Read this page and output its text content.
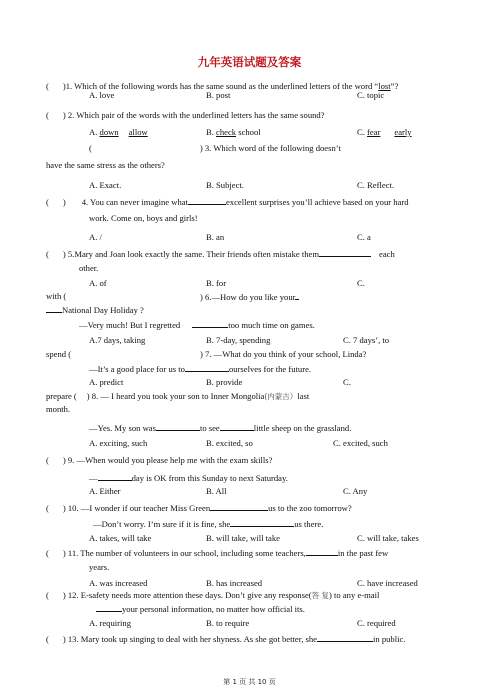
九年英语试题及答案
( )1. Which of the following words has the same sound as the underlined letters of the word “lost”?
A. love	B. post	C. topic
( ) 2. Which pair of the words with the underlined letters has the same sound?
A. down allow	B. check school	C. fear early
(	) 3. Which word of the following doesn’t
have the same stress as the others?
A. Exact.	B. Subject.	C. Reflect.
( ) 4. You can never imagine what	excellent surprises you’ll achieve based on your hard
work. Come on, boys and girls!
A. /	B. an	C. a
( ) 5.Mary and Joan look exactly the same. Their friends often mistake them	each
other.
A. of	B. for	C.
with (	) 6.—How do you like your
National Day Holiday ?
—Very much! But I regretted	too much time on games.
A.7 days, taking	B. 7-day, spending	C. 7 days’, to
spend (	) 7. —What do you think of your school, Linda?
—It’s a good place for us to	ourselves for the future.
A. predict	B. provide	C.
prepare ( ) 8. — I heard you took your son to Inner Mongolia(内蒙古）last
month.
—Yes. My son was	to see	little sheep on the grassland.
A. exciting, such	B. excited, so	C. excited, such
( ) 9. —When would you please help me with the exam skills?
—	day is OK from this Sunday to next Saturday.
A. Either	B. All	C. Any
( ) 10. —I wonder if our teacher Miss Green	us to the zoo tomorrow?
—Don’t worry. I’m sure if it is fine, she	us there.
A. takes, will take	B. will take, will take	C. will take, takes
( ) 11. The number of volunteers in our school, including some teachers,	in the past few
years.
A. was increased	B. has increased	C. have increased
( ) 12. E-safety needs more attention these days. Don’t give any response(答 复) to any e-mail
your personal information, no matter how official its.
A. requiring	B. to require	C. required
( ) 13. Mary took up singing to deal with her shyness. As she got better, she	in public.
第 1 页 共 10 页
